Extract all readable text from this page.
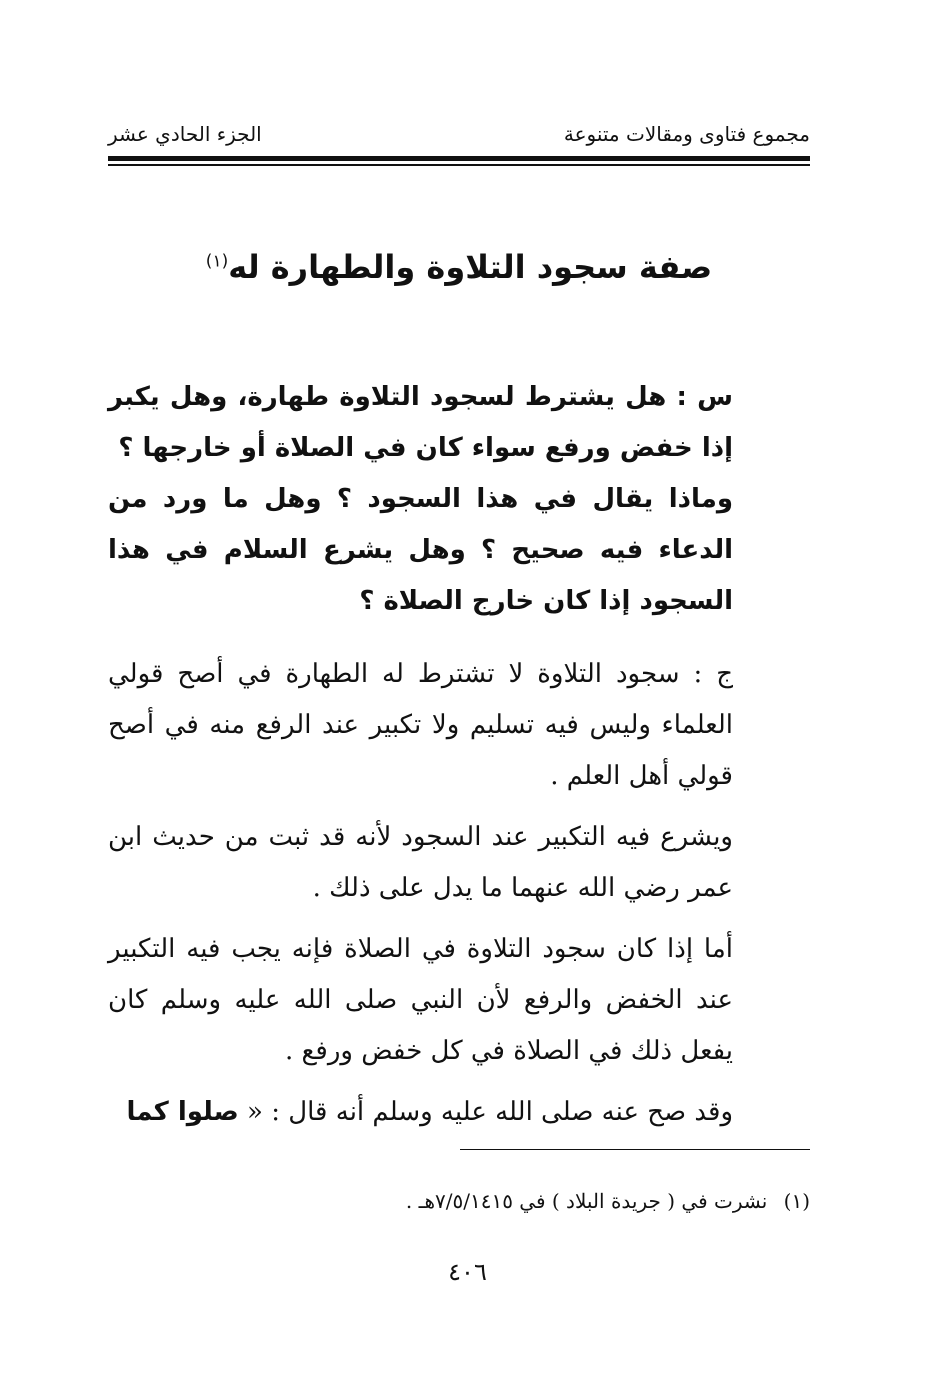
مجموع فتاوى ومقالات متنوعة
الجزء الحادي عشر
صفة سجود التلاوة والطهارة له$^{(١)}$

س : هل يشترط لسجود التلاوة طهارة، وهل يكبر إذا خفض ورفع سواء كان في الصلاة أو خارجها ؟

وماذا يقال في هذا السجود ؟ وهل ما ورد من الدعاء فيه صحيح ؟ وهل يشرع السلام في هذا السجود إذا كان خارج الصلاة ؟

ج : سجود التلاوة لا تشترط له الطهارة في أصح قولي العلماء وليس فيه تسليم ولا تكبير عند الرفع منه في أصح قولي أهل العلم .

ويشرع فيه التكبير عند السجود لأنه قد ثبت من حديث ابن عمر رضي الله عنهما ما يدل على ذلك .

أما إذا كان سجود التلاوة في الصلاة فإنه يجب فيه التكبير عند الخفض والرفع لأن النبي صلى الله عليه وسلم كان يفعل ذلك في الصلاة في كل خفض ورفع .

وقد صح عنه صلى الله عليه وسلم أنه قال : « صلوا كما

(١) نشرت في ( جريدة البلاد ) في ٧/٥/١٤١٥هـ .
٤٠٦
